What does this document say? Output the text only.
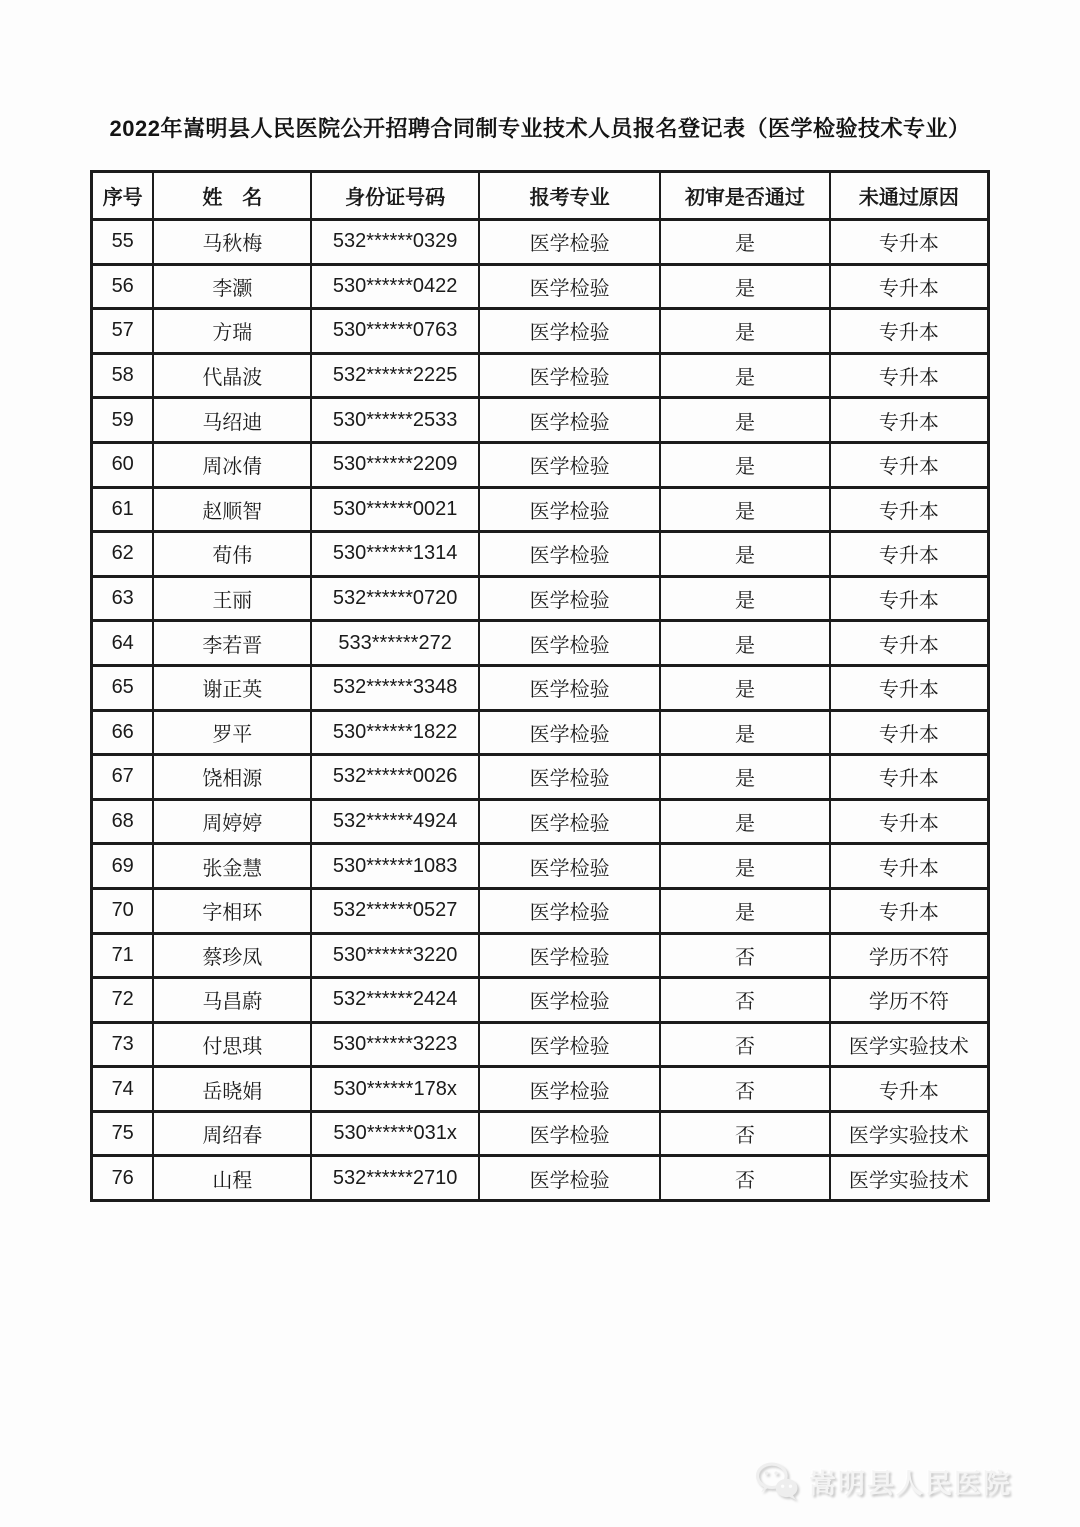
2022年嵩明县人民医院公开招聘合同制专业技术人员报名登记表（医学检验技术专业）
序号	姓　名	身份证号码	报考专业	初审是否通过	未通过原因
55	马秋梅	532******0329	医学检验	是	专升本
56	李灏	530******0422	医学检验	是	专升本
57	方瑞	530******0763	医学检验	是	专升本
58	代晶波	532******2225	医学检验	是	专升本
59	马绍迪	530******2533	医学检验	是	专升本
60	周冰倩	530******2209	医学检验	是	专升本
61	赵顺智	530******0021	医学检验	是	专升本
62	荀伟	530******1314	医学检验	是	专升本
63	王丽	532******0720	医学检验	是	专升本
64	李若晋	533******272	医学检验	是	专升本
65	谢正英	532******3348	医学检验	是	专升本
66	罗平	530******1822	医学检验	是	专升本
67	饶相源	532******0026	医学检验	是	专升本
68	周婷婷	532******4924	医学检验	是	专升本
69	张金慧	530******1083	医学检验	是	专升本
70	字相环	532******0527	医学检验	是	专升本
71	蔡珍凤	530******3220	医学检验	否	学历不符
72	马昌蔚	532******2424	医学检验	否	学历不符
73	付思琪	530******3223	医学检验	否	医学实验技术
74	岳晓娟	530******178x	医学检验	否	专升本
75	周绍春	530******031x	医学检验	否	医学实验技术
76	山程	532******2710	医学检验	否	医学实验技术
嵩明县人民医院
